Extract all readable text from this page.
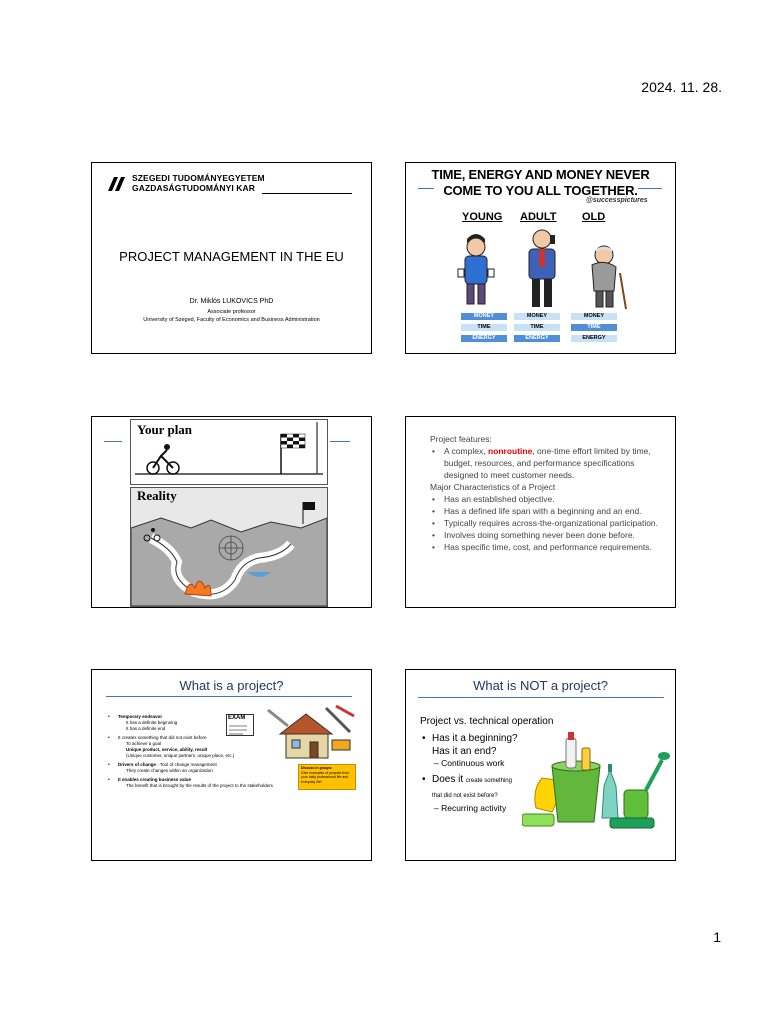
2024. 11. 28.
1
SZEGEDI TUDOMÁNYEGYETEM
GAZDASÁGTUDOMÁNYI KAR
PROJECT MANAGEMENT IN THE EU
Dr. Miklós LUKOVICS PhD
Associate professor
University of Szeged, Faculty of Economics and Business Administration
TIME, ENERGY AND MONEY NEVER
COME TO YOU ALL TOGETHER.
@successpictures
YOUNG ADULT OLD
MONEY
TIME
ENERGY
MONEY
TIME
ENERGY
MONEY
TIME
ENERGY
Your plan
Reality
Project features:
• A complex, nonroutine, one-time effort limited by time, budget, resources, and performance specifications designed to meet customer needs.
Major Characteristics of a Project
• Has an established objective.
• Has a defined life span with a beginning and an end.
• Typically requires across-the-organizational participation.
• Involves doing something never been done before.
• Has specific time, cost, and performance requirements.
What is a project?
• Temporary endeavor
It has a definite beginning
It has a definite end
• It creates something that did not exist before
To achieve a goal
Unique product, service, ability, result
(Unique customer, unique partners, unique place, etc.)
• Drivers of change - Tool of change management
They create changes within an organization
• It enables creating business value
The benefit that is brought by the results of the project to the stakeholders
EXAM
Discuss in groups:
Give examples of projects from your daily professional life and everyday life!
What is NOT a project?
Project vs. technical operation
• Has it a beginning? Has it an end?
– Continuous work
• Does it create something that did not exist before?
– Recurring activity
